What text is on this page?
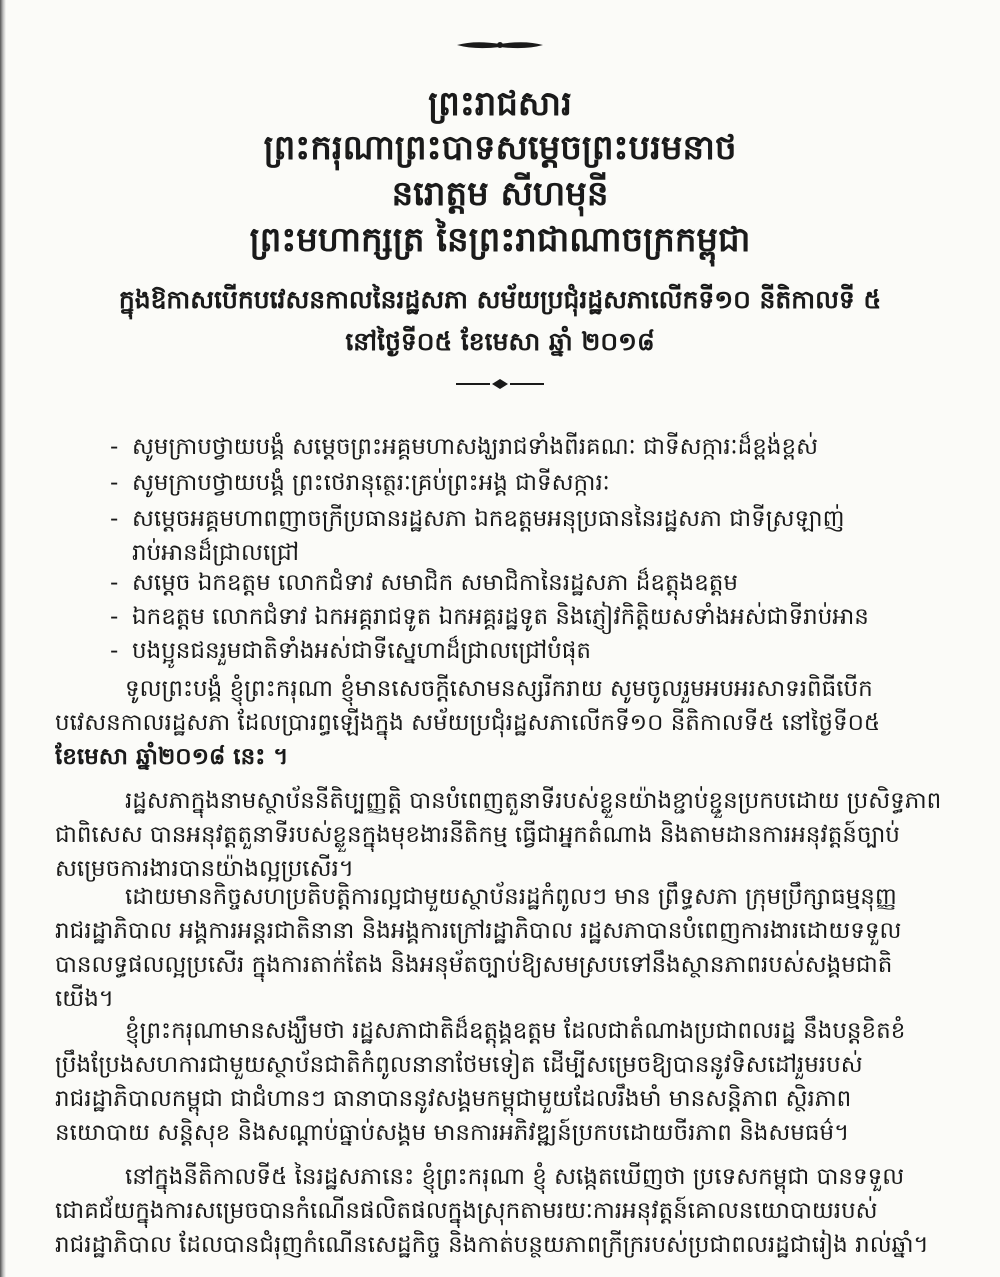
ព្រះរាជសារ
ព្រះករុណាព្រះបាទសម្ដេចព្រះបរមនាថ
នរោត្ដម សីហមុនី
ព្រះមហាក្សត្រ នៃព្រះរាជាណាចក្រកម្ពុជា
ក្នុងឱកាសបើកបវេសនកាលនៃរដ្ឋសភា សម័យប្រជុំរដ្ឋសភាលើកទី១០ នីតិកាលទី ៥
នៅថ្ងៃទី០៥ ខែមេសា ឆ្នាំ ២០១៨
- សូមក្រាបថ្វាយបង្គំ សម្ដេចព្រះអគ្គមហាសង្ឃរាជទាំងពីរគណៈ ជាទីសក្ការៈដ៏ខ្ពង់ខ្ពស់
- សូមក្រាបថ្វាយបង្គំ ព្រះថេរានុត្ថេរៈគ្រប់ព្រះអង្គ ជាទីសក្ការៈ
- សម្ដេចអគ្គមហាពញាចក្រីប្រធានរដ្ឋសភា ឯកឧត្ដមអនុប្រធាននៃរដ្ឋសភា ជាទីស្រឡាញ់
រាប់អានដ៏ជ្រាលជ្រៅ
- សម្ដេច ឯកឧត្ដម លោកជំទាវ សមាជិក សមាជិកានៃរដ្ឋសភា ដ៏ឧត្ដុងឧត្ដម
- ឯកឧត្ដម លោកជំទាវ ឯកអគ្គរាជទូត ឯកអគ្គរដ្ឋទូត និងភ្ញៀវកិត្តិយសទាំងអស់ជាទីរាប់អាន
- បងប្អូនជនរួមជាតិទាំងអស់ជាទីស្នេហាដ៏ជ្រាលជ្រៅបំផុត
ទូលព្រះបង្គំ ខ្ញុំព្រះករុណា ខ្ញុំមានសេចក្ដីសោមនស្សរីករាយ សូមចូលរួមអបអរសាទរពិធីបើក
បវេសនកាលរដ្ឋសភា ដែលប្រារព្ធឡើងក្នុង សម័យប្រជុំរដ្ឋសភាលើកទី១០ នីតិកាលទី៥ នៅថ្ងៃទី០៥
ខែមេសា ឆ្នាំ២០១៨ នេះ ។
រដ្ឋសភាក្នុងនាមស្ថាប័ននីតិប្បញ្ញត្តិ បានបំពេញតួនាទីរបស់ខ្លួនយ៉ាងខ្ជាប់ខ្ជួនប្រកបដោយ ប្រសិទ្ធភាព
ជាពិសេស បានអនុវត្តតួនាទីរបស់ខ្លួនក្នុងមុខងារនីតិកម្ម ធ្វើជាអ្នកតំណាង និងតាមដានការអនុវត្តន៍ច្បាប់
សម្រេចការងារបានយ៉ាងល្អប្រសើរ។
ដោយមានកិច្ចសហប្រតិបត្តិការល្អជាមួយស្ថាប័នរដ្ឋកំពូលៗ មាន ព្រឹទ្ធសភា ក្រុមប្រឹក្សាធម្មនុញ្ញ
រាជរដ្ឋាភិបាល អង្គការអន្តរជាតិនានា និងអង្គការក្រៅរដ្ឋាភិបាល រដ្ឋសភាបានបំពេញការងារដោយទទួល
បានលទ្ធផលល្អប្រសើរ ក្នុងការតាក់តែង និងអនុម័តច្បាប់ឱ្យសមស្របទៅនឹងស្ថានភាពរបស់សង្គមជាតិ
យើង។
ខ្ញុំព្រះករុណាមានសង្ឃឹមថា រដ្ឋសភាជាតិដ៏ឧត្ដុង្គឧត្ដម ដែលជាតំណាងប្រជាពលរដ្ឋ នឹងបន្តខិតខំ
ប្រឹងប្រែងសហការជាមួយស្ថាប័នជាតិកំពូលនានាថែមទៀត ដើម្បីសម្រេចឱ្យបាននូវទិសដៅរួមរបស់
រាជរដ្ឋាភិបាលកម្ពុជា ជាជំហានៗ ធានាបាននូវសង្គមកម្ពុជាមួយដែលរឹងមាំ មានសន្តិភាព ស្ថិរភាព
នយោបាយ សន្តិសុខ និងសណ្ដាប់ធ្នាប់សង្គម មានការអភិវឌ្ឍន៍ប្រកបដោយចីរភាព និងសមធម៌។
នៅក្នុងនីតិកាលទី៥ នៃរដ្ឋសភានេះ ខ្ញុំព្រះករុណា ខ្ញុំ សង្កេតឃើញថា ប្រទេសកម្ពុជា បានទទួល
ជោគជ័យក្នុងការសម្រេចបានកំណើនផលិតផលក្នុងស្រុកតាមរយៈការអនុវត្តន៍គោលនយោបាយរបស់
រាជរដ្ឋាភិបាល ដែលបានជំរុញកំណើនសេដ្ឋកិច្ច និងកាត់បន្ថយភាពក្រីក្ររបស់ប្រជាពលរដ្ឋជារៀង រាល់ឆ្នាំ។
